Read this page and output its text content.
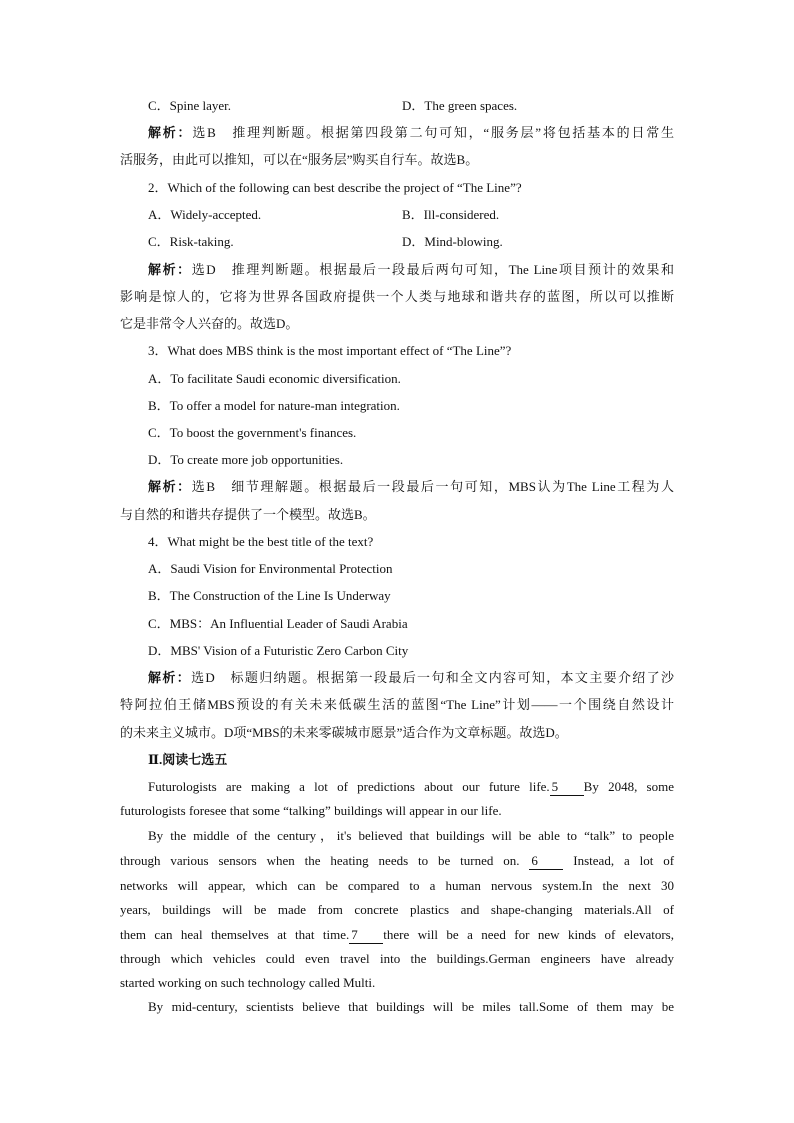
C．Spine layer.	D．The green spaces.
解析：选B　推理判断题。根据第四段第二句可知，“服务层”将包括基本的日常生
活服务，由此可以推知，可以在“服务层”购买自行车。故选B。
2．Which of the following can best describe the project of “The Line”?
A．Widely-accepted.	B．Ill-considered.
C．Risk-taking.	D．Mind-blowing.
解析：选D　推理判断题。根据最后一段最后两句可知，The Line项目预计的效果和
影响是惊人的，它将为世界各国政府提供一个人类与地球和谐共存的蓝图，所以可以推断
它是非常令人兴奋的。故选D。
3．What does MBS think is the most important effect of “The Line”?
A．To facilitate Saudi economic diversification.
B．To offer a model for nature-man integration.
C．To boost the government's finances.
D．To create more job opportunities.
解析：选B　细节理解题。根据最后一段最后一句可知，MBS认为The Line工程为人
与自然的和谐共存提供了一个模型。故选B。
4．What might be the best title of the text?
A．Saudi Vision for Environmental Protection
B．The Construction of the Line Is Underway
C．MBS：An Influential Leader of Saudi Arabia
D．MBS' Vision of a Futuristic Zero Carbon City
解析：选D　标题归纳题。根据第一段最后一句和全文内容可知，本文主要介绍了沙
特阿拉伯王储MBS预设的有关未来低碳生活的蓝图“The Line”计划——一个围绕自然设计
的未来主义城市。D项“MBS的未来零碳城市愿景”适合作为文章标题。故选D。
Ⅱ.阅读七选五
Futurologists are making a lot of predictions about our future life. 5 By 2048, some
futurologists foresee that some “talking” buildings will appear in our life.
By the middle of the century，it's believed that buildings will be able to “talk” to people
through various sensors when the heating needs to be turned on. 6	Instead, a lot of
networks will appear, which can be compared to a human nervous system.In the next 30
years, buildings will be made from concrete plastics and shape-changing materials.All of
them can heal themselves at that time. 7 there will be a need for new kinds of elevators,
through which vehicles could even travel into the buildings.German engineers have already
started working on such technology called Multi.
By mid-century, scientists believe that buildings will be miles tall.Some of them may be
